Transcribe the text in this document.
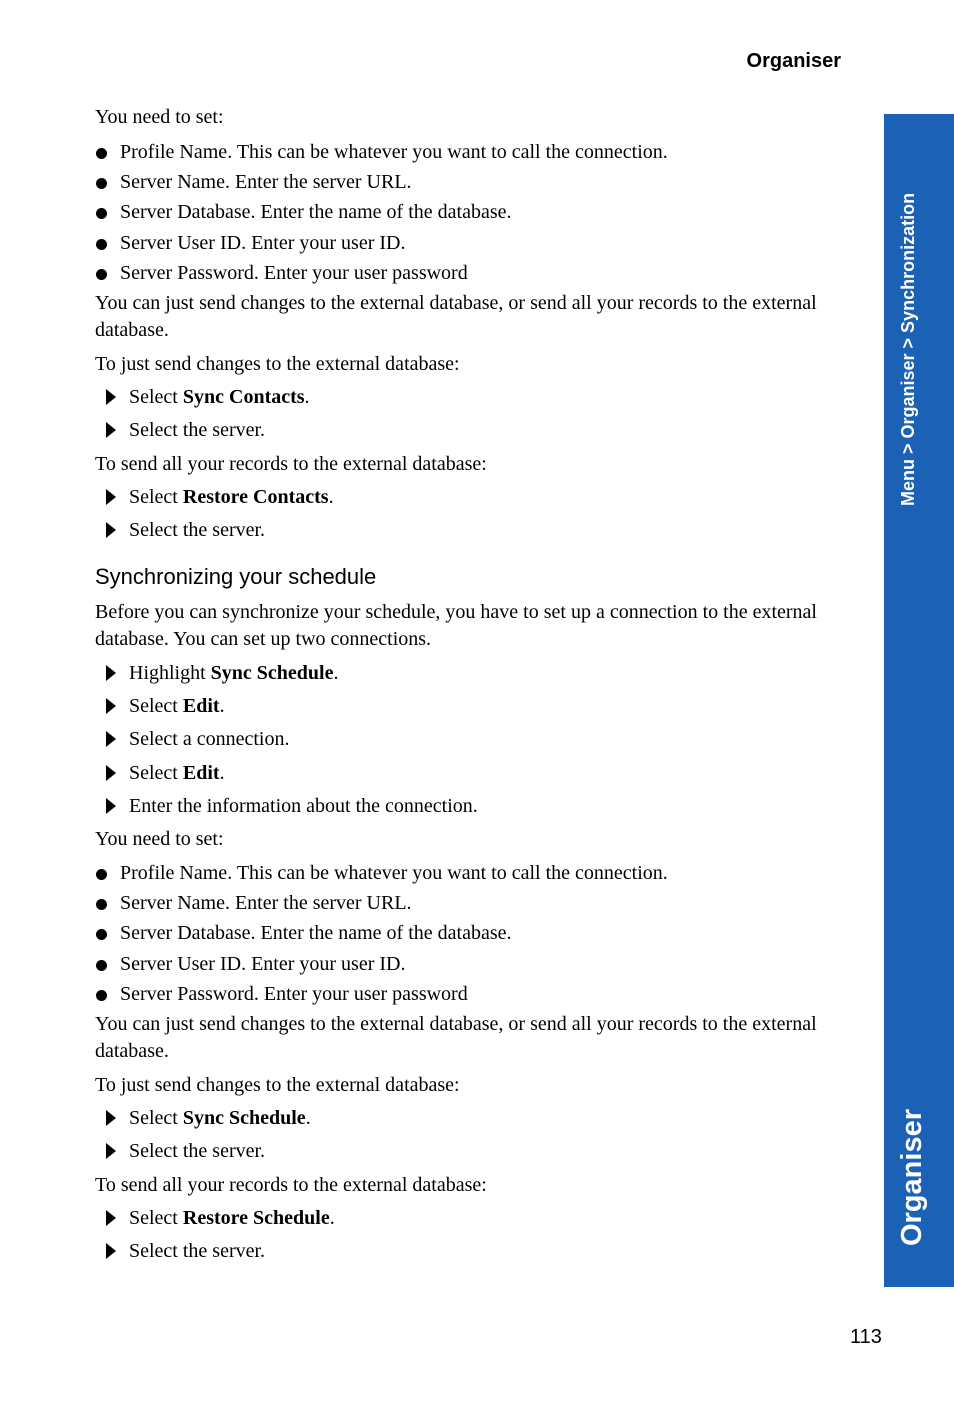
Organiser
Menu > Organiser > Synchronization
Organiser

You need to set:

Profile Name. This can be whatever you want to call the connection.
Server Name. Enter the server URL.
Server Database. Enter the name of the database.
Server User ID. Enter your user ID.
Server Password. Enter your user password

You can just send changes to the external database, or send all your records to the external database.

To just send changes to the external database:

Select Sync Contacts.
Select the server.

To send all your records to the external database:

Select Restore Contacts.
Select the server.
Synchronizing your schedule

Before you can synchronize your schedule, you have to set up a connection to the external database. You can set up two connections.

Highlight Sync Schedule.
Select Edit.
Select a connection.
Select Edit.
Enter the information about the connection.

You need to set:

Profile Name. This can be whatever you want to call the connection.
Server Name. Enter the server URL.
Server Database. Enter the name of the database.
Server User ID. Enter your user ID.
Server Password. Enter your user password

You can just send changes to the external database, or send all your records to the external database.

To just send changes to the external database:

Select Sync Schedule.
Select the server.

To send all your records to the external database:

Select Restore Schedule.
Select the server.
113
